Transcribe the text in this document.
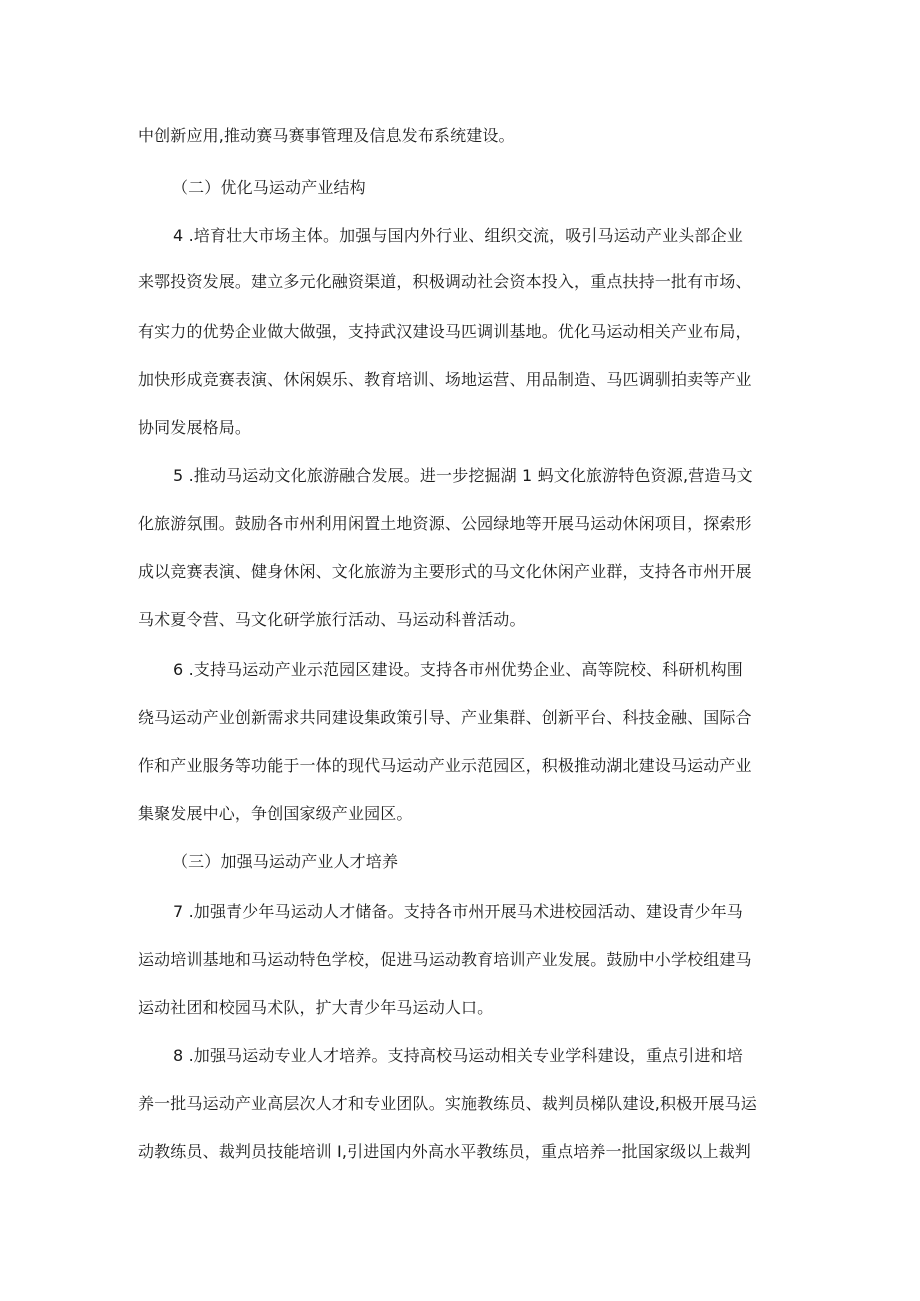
中创新应用,推动赛马赛事管理及信息发布系统建设。
（二）优化马运动产业结构
4 .培育壮大市场主体。加强与国内外行业、组织交流，吸引马运动产业头部企业
来鄂投资发展。建立多元化融资渠道，积极调动社会资本投入，重点扶持一批有市场、
有实力的优势企业做大做强，支持武汉建设马匹调训基地。优化马运动相关产业布局，
加快形成竞赛表演、休闲娱乐、教育培训、场地运营、用品制造、马匹调驯拍卖等产业
协同发展格局。
5 .推动马运动文化旅游融合发展。进一步挖掘湖 1 蚂文化旅游特色资源,营造马文
化旅游氛围。鼓励各市州利用闲置土地资源、公园绿地等开展马运动休闲项目，探索形
成以竞赛表演、健身休闲、文化旅游为主要形式的马文化休闲产业群，支持各市州开展
马术夏令营、马文化研学旅行活动、马运动科普活动。
6 .支持马运动产业示范园区建设。支持各市州优势企业、高等院校、科研机构围
绕马运动产业创新需求共同建设集政策引导、产业集群、创新平台、科技金融、国际合
作和产业服务等功能于一体的现代马运动产业示范园区，积极推动湖北建设马运动产业
集聚发展中心，争创国家级产业园区。
（三）加强马运动产业人才培养
7 .加强青少年马运动人才储备。支持各市州开展马术进校园活动、建设青少年马
运动培训基地和马运动特色学校，促进马运动教育培训产业发展。鼓励中小学校组建马
运动社团和校园马术队，扩大青少年马运动人口。
8 .加强马运动专业人才培养。支持高校马运动相关专业学科建设，重点引进和培
养一批马运动产业高层次人才和专业团队。实施教练员、裁判员梯队建设,积极开展马运
动教练员、裁判员技能培训 I,引进国内外高水平教练员，重点培养一批国家级以上裁判
